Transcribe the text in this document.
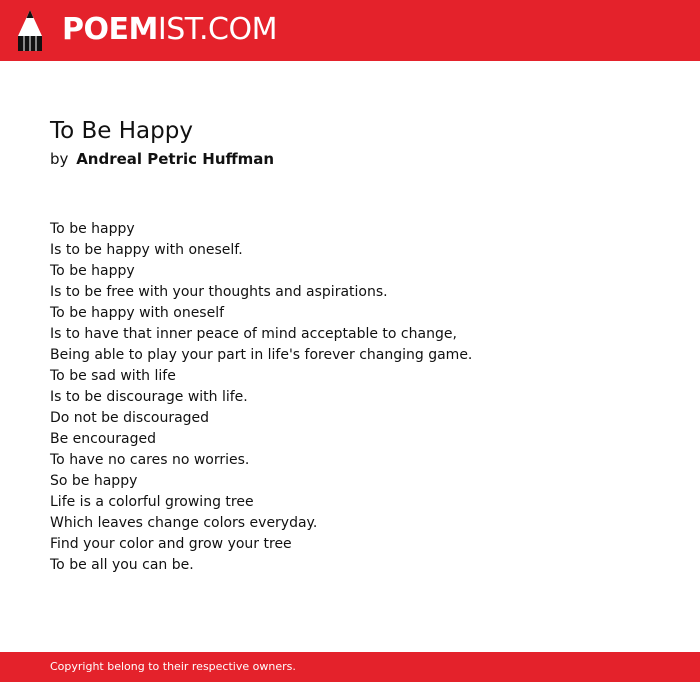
POEMIST.COM
To Be Happy
by Andreal Petric Huffman
To be happy
Is to be happy with oneself.
To be happy
Is to be free with your thoughts and aspirations.
To be happy with oneself
Is to have that inner peace of mind acceptable to change,
Being able to play your part in life's forever changing game.
To be sad with life
Is to be discourage with life.
Do not be discouraged
Be encouraged
To have no cares no worries.
So be happy
Life is a colorful growing tree
Which leaves change colors everyday.
Find your color and grow your tree
To be all you can be.
Copyright belong to their respective owners.
